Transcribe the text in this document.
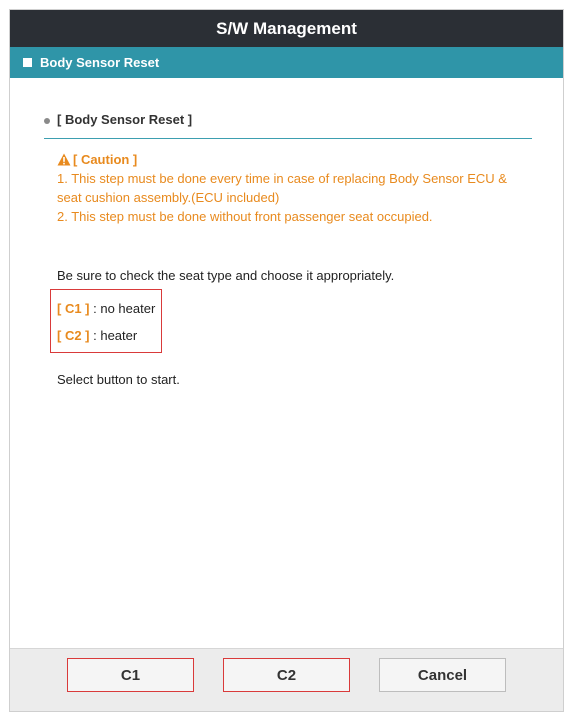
S/W Management
Body Sensor Reset
[ Body Sensor Reset ]
[ Caution ]
1. This step must be done every time in case of replacing Body Sensor ECU &
seat cushion assembly.(ECU included)
2. This step must be done without front passenger seat occupied.
Be sure to check the seat type and choose it appropriately.
[ C1 ] : no heater
[ C2 ] : heater
Select button to start.
C1	C2	Cancel
